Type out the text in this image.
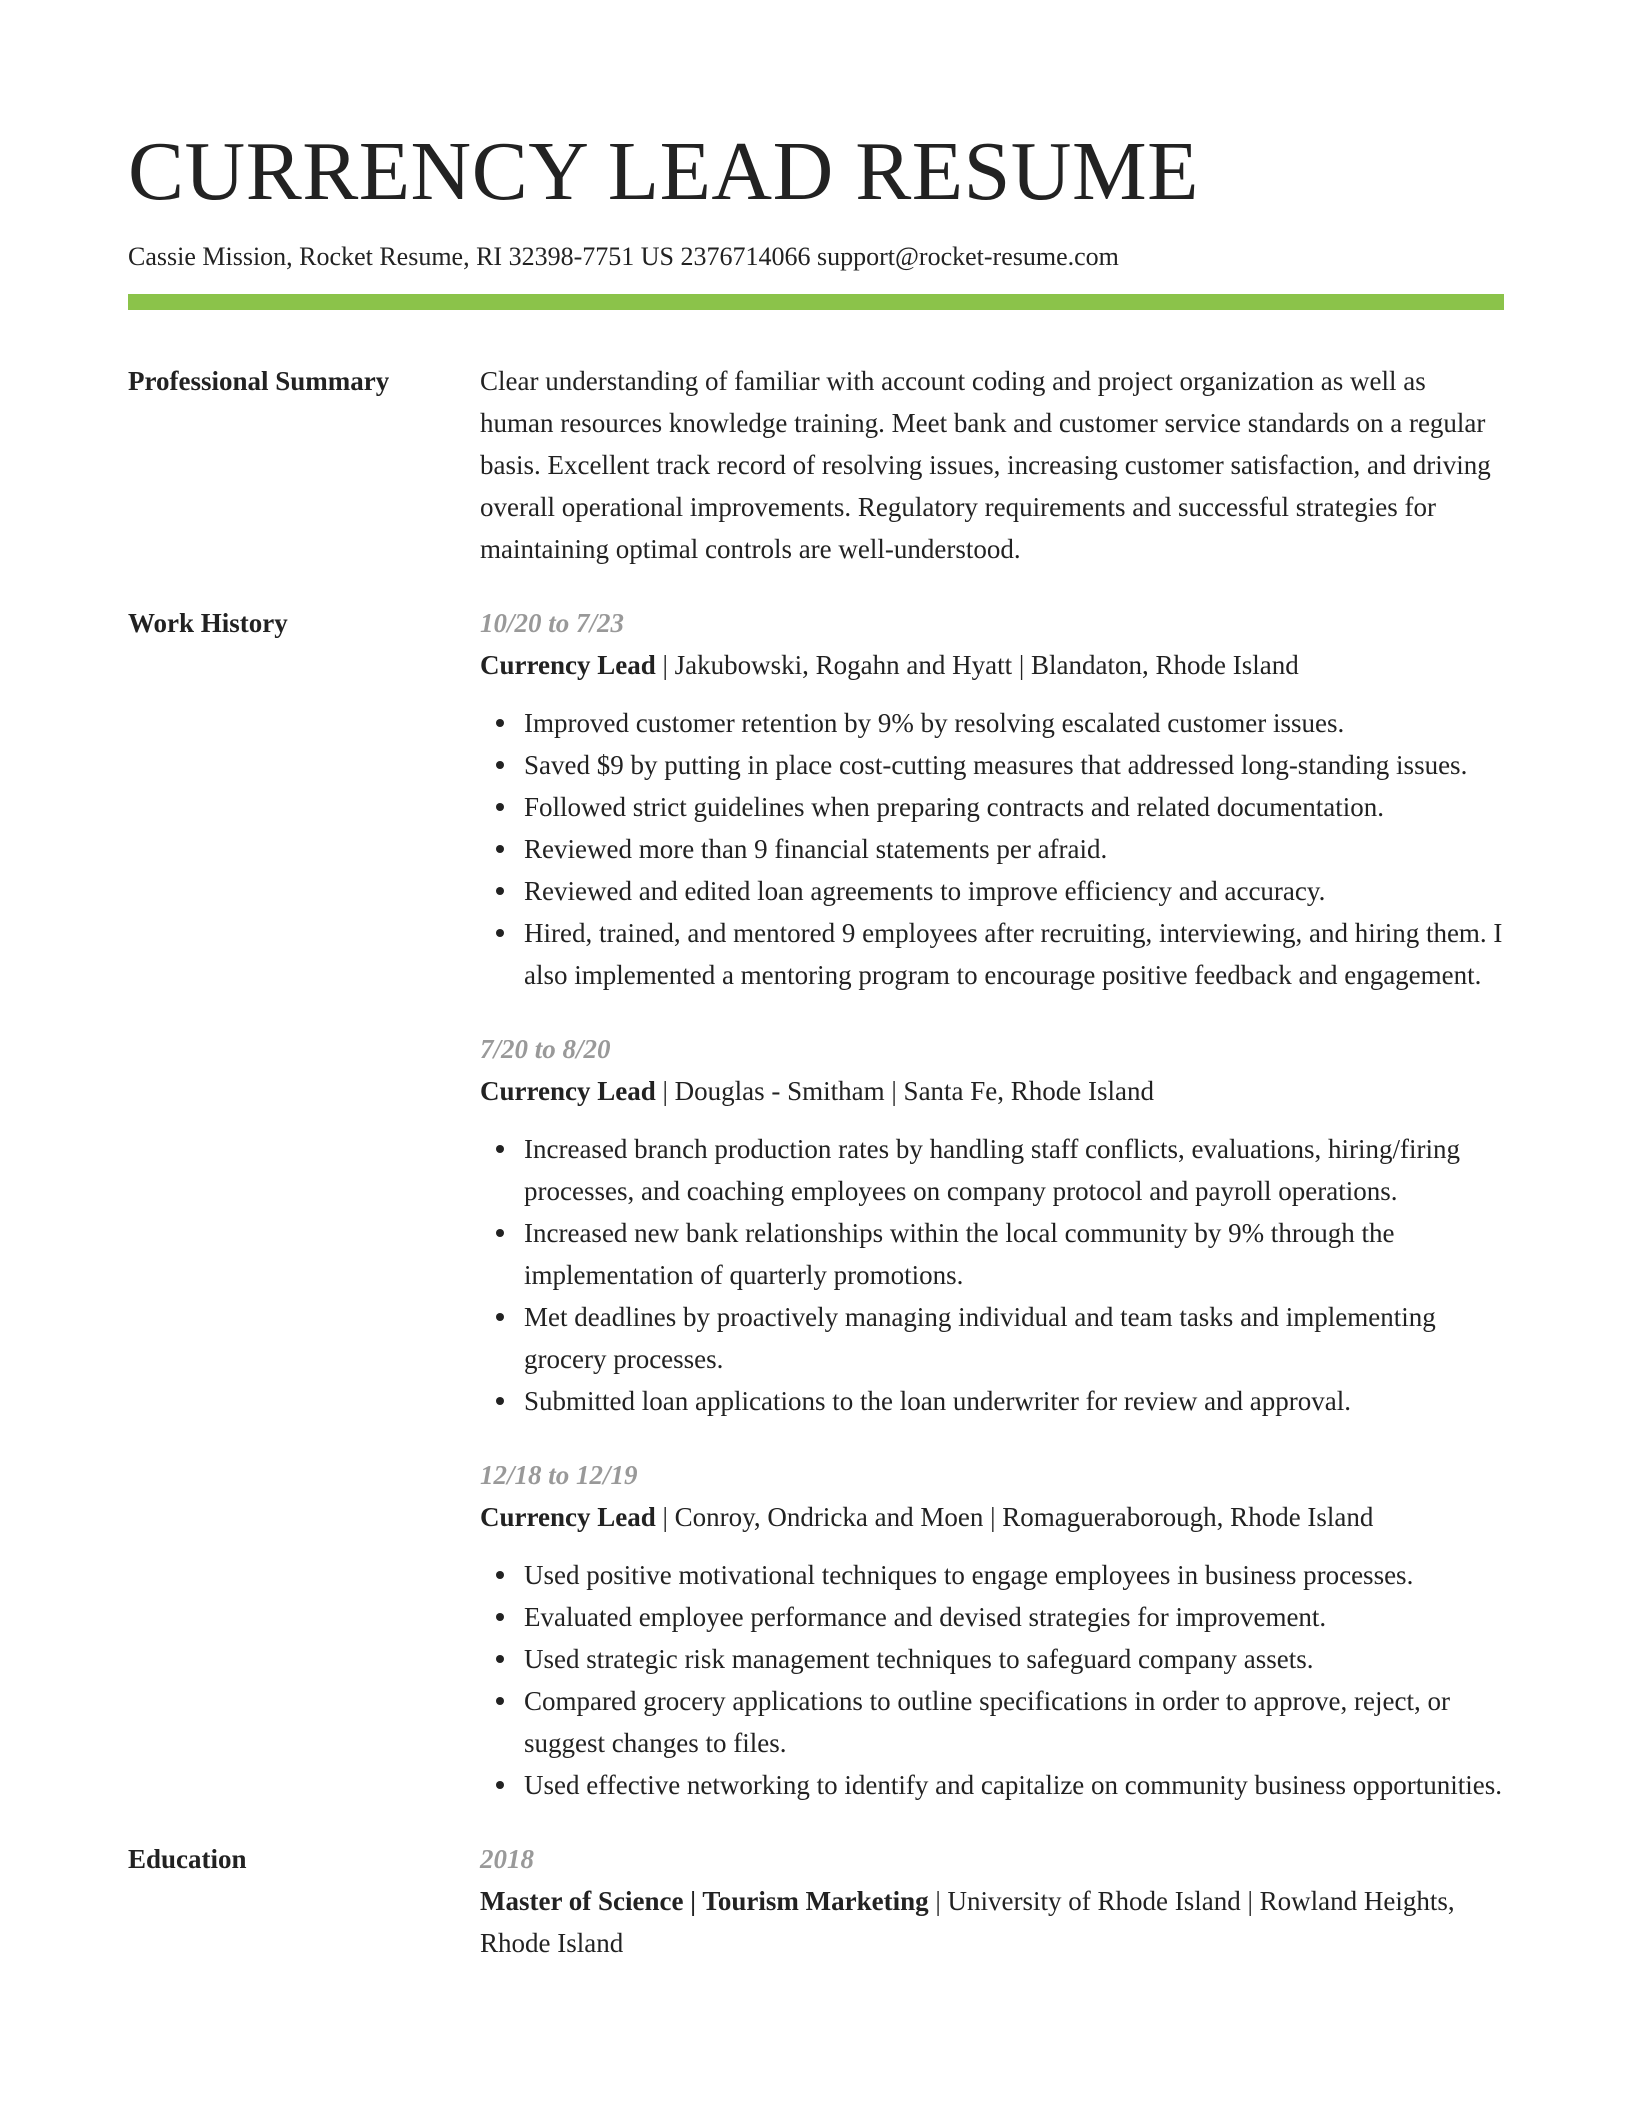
CURRENCY LEAD RESUME
Cassie Mission, Rocket Resume, RI 32398-7751 US 2376714066 support@rocket-resume.com
Professional Summary	Clear understanding of familiar with account coding and project organization as well as human resources knowledge training. Meet bank and customer service standards on a regular basis. Excellent track record of resolving issues, increasing customer satisfaction, and driving overall operational improvements. Regulatory requirements and successful strategies for maintaining optimal controls are well-understood.
Work History	10/20 to 7/23
Currency Lead | Jakubowski, Rogahn and Hyatt | Blandaton, Rhode Island
Improved customer retention by 9% by resolving escalated customer issues.
Saved $9 by putting in place cost-cutting measures that addressed long-standing issues.
Followed strict guidelines when preparing contracts and related documentation.
Reviewed more than 9 financial statements per afraid.
Reviewed and edited loan agreements to improve efficiency and accuracy.
Hired, trained, and mentored 9 employees after recruiting, interviewing, and hiring them. I also implemented a mentoring program to encourage positive feedback and engagement.
7/20 to 8/20
Currency Lead | Douglas - Smitham | Santa Fe, Rhode Island
Increased branch production rates by handling staff conflicts, evaluations, hiring/firing processes, and coaching employees on company protocol and payroll operations.
Increased new bank relationships within the local community by 9% through the implementation of quarterly promotions.
Met deadlines by proactively managing individual and team tasks and implementing grocery processes.
Submitted loan applications to the loan underwriter for review and approval.
12/18 to 12/19
Currency Lead | Conroy, Ondricka and Moen | Romagueraborough, Rhode Island
Used positive motivational techniques to engage employees in business processes.
Evaluated employee performance and devised strategies for improvement.
Used strategic risk management techniques to safeguard company assets.
Compared grocery applications to outline specifications in order to approve, reject, or suggest changes to files.
Used effective networking to identify and capitalize on community business opportunities.
Education	2018
Master of Science | Tourism Marketing | University of Rhode Island | Rowland Heights, Rhode Island
